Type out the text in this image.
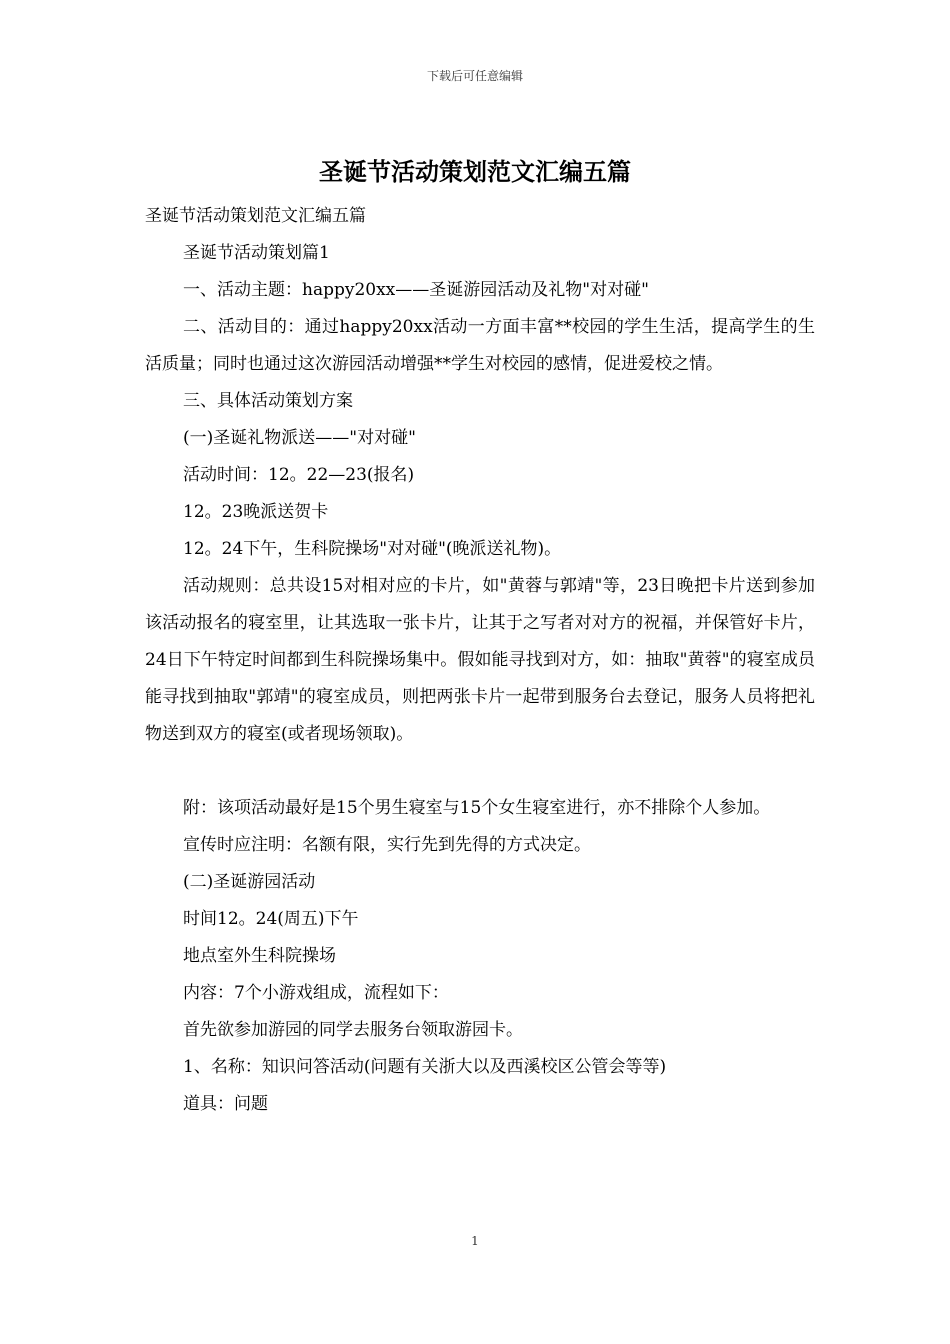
下载后可任意编辑
圣诞节活动策划范文汇编五篇

圣诞节活动策划范文汇编五篇

圣诞节活动策划篇1

一、活动主题：happy20xx——圣诞游园活动及礼物"对对碰"

二、活动目的：通过happy20xx活动一方面丰富**校园的学生生活，提高学生的生活质量；同时也通过这次游园活动增强**学生对校园的感情，促进爱校之情。

三、具体活动策划方案

(一)圣诞礼物派送——"对对碰"

活动时间：12。22—23(报名)

12。23晚派送贺卡

12。24下午，生科院操场"对对碰"(晚派送礼物)。

活动规则：总共设15对相对应的卡片，如"黄蓉与郭靖"等，23日晚把卡片送到参加该活动报名的寝室里，让其选取一张卡片，让其于之写者对对方的祝福，并保管好卡片，24日下午特定时间都到生科院操场集中。假如能寻找到对方，如：抽取"黄蓉"的寝室成员能寻找到抽取"郭靖"的寝室成员，则把两张卡片一起带到服务台去登记，服务人员将把礼物送到双方的寝室(或者现场领取)。

附：该项活动最好是15个男生寝室与15个女生寝室进行，亦不排除个人参加。

宣传时应注明：名额有限，实行先到先得的方式决定。

(二)圣诞游园活动

时间12。24(周五)下午

地点室外生科院操场

内容：7个小游戏组成，流程如下：

首先欲参加游园的同学去服务台领取游园卡。

1、名称：知识问答活动(问题有关浙大以及西溪校区公管会等等)

道具：问题

1
